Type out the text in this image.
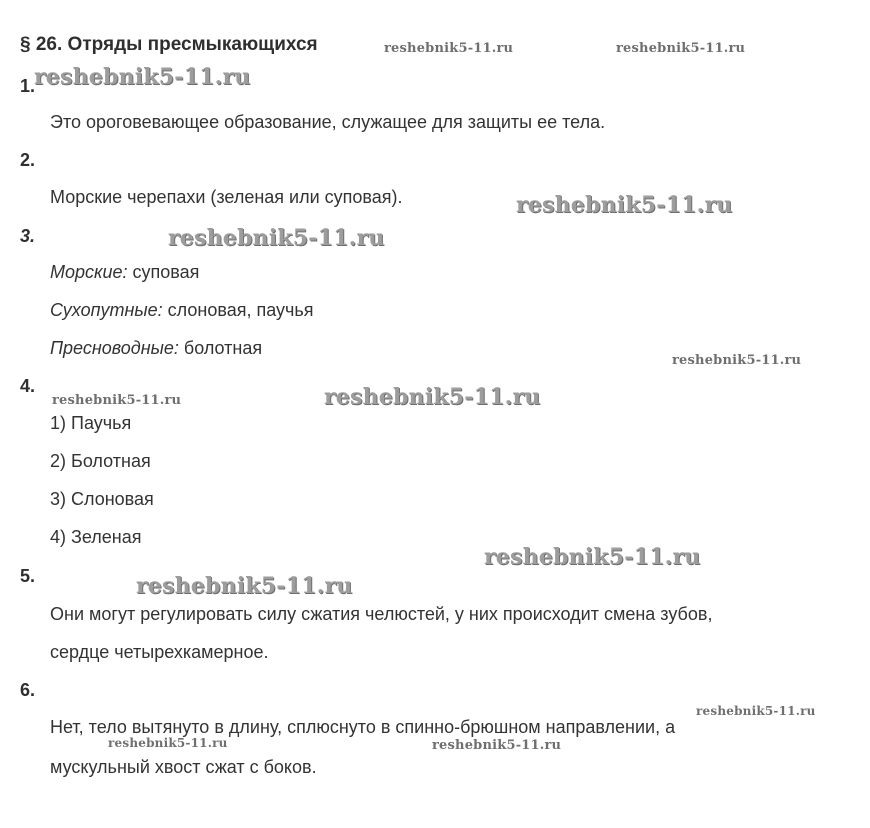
§ 26. Отряды пресмыкающихся
1.
Это ороговевающее образование, служащее для защиты ее тела.
2.
Морские черепахи (зеленая или суповая).
3.
Морские: суповая
Сухопутные: слоновая, паучья
Пресноводные: болотная
4.
1) Паучья
2) Болотная
3) Слоновая
4) Зеленая
5.
Они могут регулировать силу сжатия челюстей, у них происходит смена зубов,
сердце четырехкамерное.
6.
Нет, тело вытянуто в длину, сплюснуто в спинно-брюшном направлении, а
мускульный хвост сжат с боков.
reshebnik5-11.ru	reshebnik5-11.ru
reshebnik5-11.ru
reshebnik5-11.ru
reshebnik5-11.ru
reshebnik5-11.ru
reshebnik5-11.ru	reshebnik5-11.ru
reshebnik5-11.ru
reshebnik5-11.ru
reshebnik5-11.ru
reshebnik5-11.ru	reshebnik5-11.ru
